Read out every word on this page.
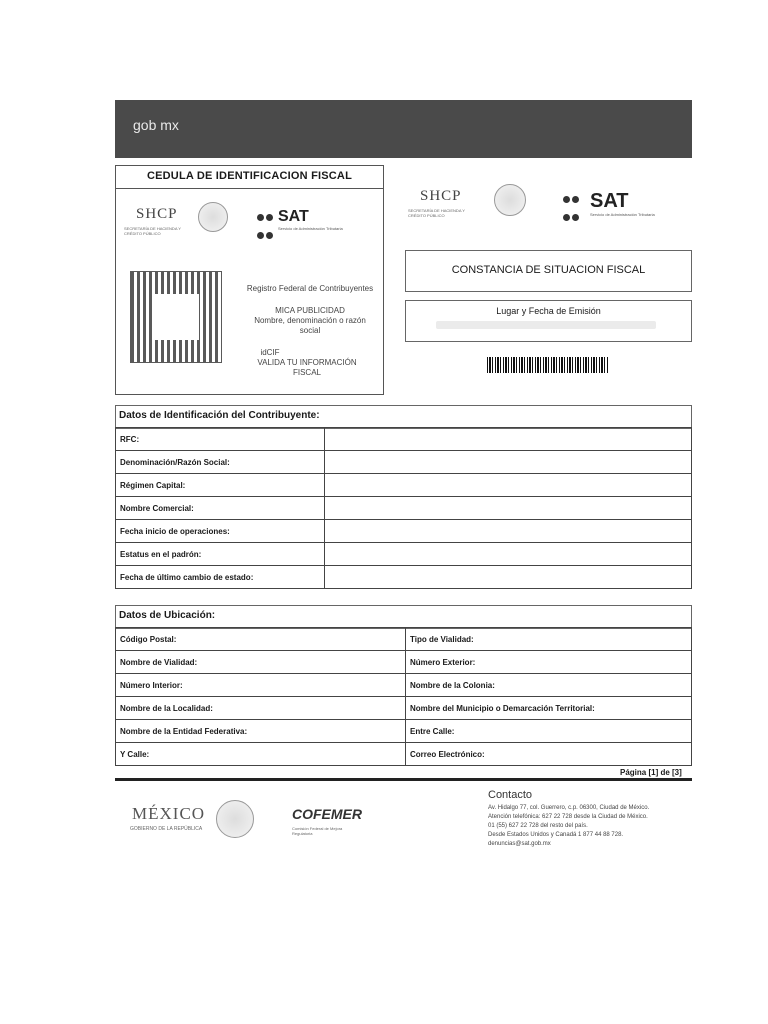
gob mx
CEDULA DE IDENTIFICACION FISCAL
SHCP
SECRETARÍA DE HACIENDA Y CRÉDITO PÚBLICO

SAT
Servicio de Administración Tributaria
Registro Federal de Contribuyentes
MICA PUBLICIDAD
Nombre, denominación o razón social
idCIF
VALIDA TU INFORMACIÓN FISCAL
SHCP
SECRETARÍA DE HACIENDA Y CRÉDITO PÚBLICO

SAT
Servicio de Administración Tributaria
CONSTANCIA DE SITUACION FISCAL
Lugar y Fecha de Emisión
Datos de Identificación del Contribuyente:
RFC:	
Denominación/Razón Social:	
Régimen Capital:	
Nombre Comercial:	
Fecha inicio de operaciones:	
Estatus en el padrón:	
Fecha de último cambio de estado:	
Datos de Ubicación:
Código Postal:	Tipo de Vialidad:
Nombre de Vialidad:	Número Exterior:
Número Interior:	Nombre de la Colonia:
Nombre de la Localidad:	Nombre del Municipio o Demarcación Territorial:
Nombre de la Entidad Federativa:	Entre Calle:
Y Calle:	Correo Electrónico:
Página [1] de [3]
MÉXICO
GOBIERNO DE LA REPÚBLICA
COFEMER
Comisión Federal de Mejora Regulatoria
Contacto
Av. Hidalgo 77, col. Guerrero, c.p. 06300, Ciudad de México.
Atención telefónica: 627 22 728 desde la Ciudad de México.
01 (55) 627 22 728 del resto del país.
Desde Estados Unidos y Canadá 1 877 44 88 728.
denuncias@sat.gob.mx
